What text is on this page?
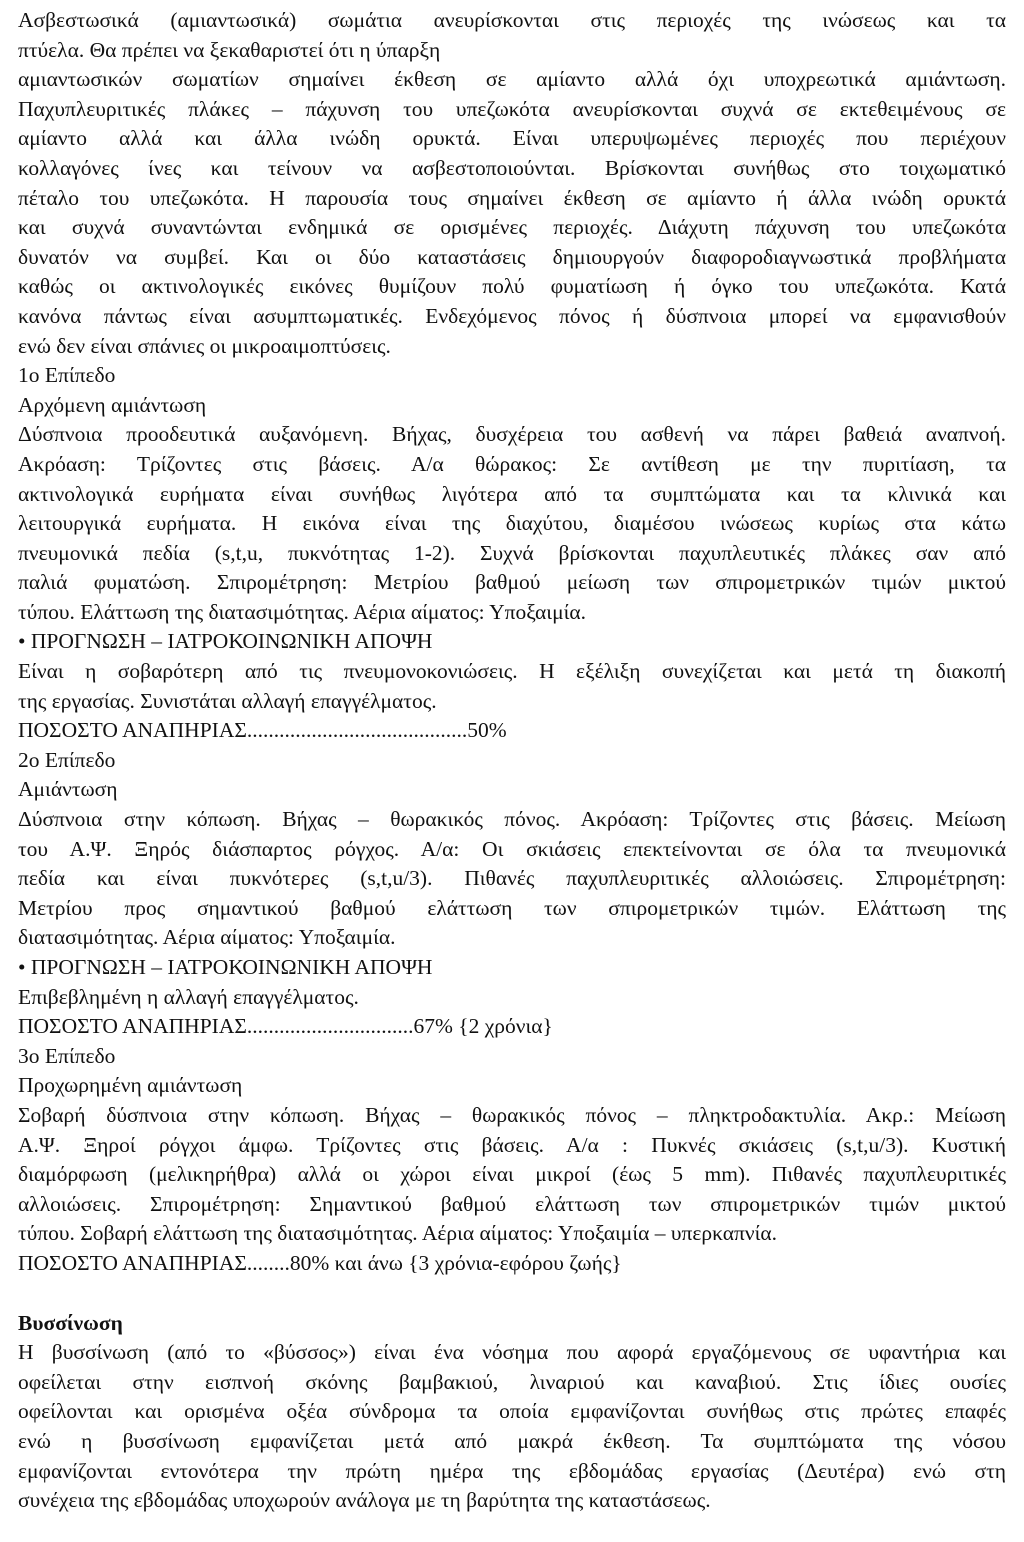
Ασβεστωσικά (αμιαντωσικά) σωμάτια ανευρίσκονται στις περιοχές της ινώσεως και τα
πτύελα. Θα πρέπει να ξεκαθαριστεί ότι η ύπαρξη
αμιαντωσικών σωματίων σημαίνει έκθεση σε αμίαντο αλλά όχι υποχρεωτικά αμιάντωση.
Παχυπλευριτικές πλάκες – πάχυνση του υπεζωκότα ανευρίσκονται συχνά σε εκτεθειμένους σε
αμίαντο αλλά και άλλα ινώδη ορυκτά. Είναι υπερυψωμένες περιοχές που περιέχουν
κολλαγόνες ίνες και τείνουν να ασβεστοποιούνται. Βρίσκονται συνήθως στο τοιχωματικό
πέταλο του υπεζωκότα. Η παρουσία τους σημαίνει έκθεση σε αμίαντο ή άλλα ινώδη ορυκτά
και συχνά συναντώνται ενδημικά σε ορισμένες περιοχές. Διάχυτη πάχυνση του υπεζωκότα
δυνατόν να συμβεί. Και οι δύο καταστάσεις δημιουργούν διαφοροδιαγνωστικά προβλήματα
καθώς οι ακτινολογικές εικόνες θυμίζουν πολύ φυματίωση ή όγκο του υπεζωκότα. Κατά
κανόνα πάντως είναι ασυμπτωματικές. Ενδεχόμενος πόνος ή δύσπνοια μπορεί να εμφανισθούν
ενώ δεν είναι σπάνιες οι μικροαιμοπτύσεις.
1ο Επίπεδο
Αρχόμενη αμιάντωση
Δύσπνοια προοδευτικά αυξανόμενη. Βήχας, δυσχέρεια του ασθενή να πάρει βαθειά αναπνοή.
Ακρόαση: Τρίζοντες στις βάσεις. Α/α θώρακος: Σε αντίθεση με την πυριτίαση, τα
ακτινολογικά ευρήματα είναι συνήθως λιγότερα από τα συμπτώματα και τα κλινικά και
λειτουργικά ευρήματα. Η εικόνα είναι της διαχύτου, διαμέσου ινώσεως κυρίως στα κάτω
πνευμονικά πεδία (s,t,u, πυκνότητας 1-2). Συχνά βρίσκονται παχυπλευτικές πλάκες σαν από
παλιά φυματώση. Σπιρομέτρηση: Μετρίου βαθμού μείωση των σπιρομετρικών τιμών μικτού
τύπου. Ελάττωση της διατασιμότητας. Αέρια αίματος: Υποξαιμία.
• ΠΡΟΓΝΩΣΗ – ΙΑΤΡΟΚΟΙΝΩΝΙΚΗ ΑΠΟΨΗ
Είναι η σοβαρότερη από τις πνευμονοκονιώσεις. Η εξέλιξη συνεχίζεται και μετά τη διακοπή
της εργασίας. Συνιστάται αλλαγή επαγγέλματος.
ΠΟΣΟΣΤΟ ΑΝΑΠΗΡΙΑΣ.........................................50%
2ο Επίπεδο
Αμιάντωση
Δύσπνοια στην κόπωση. Βήχας – θωρακικός πόνος. Ακρόαση: Τρίζοντες στις βάσεις. Μείωση
του Α.Ψ. Ξηρός διάσπαρτος ρόγχος. Α/α: Οι σκιάσεις επεκτείνονται σε όλα τα πνευμονικά
πεδία και είναι πυκνότερες (s,t,u/3). Πιθανές παχυπλευριτικές αλλοιώσεις. Σπιρομέτρηση:
Μετρίου προς σημαντικού βαθμού ελάττωση των σπιρομετρικών τιμών. Ελάττωση της
διατασιμότητας. Αέρια αίματος: Υποξαιμία.
• ΠΡΟΓΝΩΣΗ – ΙΑΤΡΟΚΟΙΝΩΝΙΚΗ ΑΠΟΨΗ
Επιβεβλημένη η αλλαγή επαγγέλματος.
ΠΟΣΟΣΤΟ ΑΝΑΠΗΡΙΑΣ...............................67% {2 χρόνια}
3ο Επίπεδο
Προχωρημένη αμιάντωση
Σοβαρή δύσπνοια στην κόπωση. Βήχας – θωρακικός πόνος – πληκτροδακτυλία. Ακρ.: Μείωση
Α.Ψ. Ξηροί ρόγχοι άμφω. Τρίζοντες στις βάσεις. Α/α : Πυκνές σκιάσεις (s,t,u/3). Κυστική
διαμόρφωση (μελικηρήθρα) αλλά οι χώροι είναι μικροί (έως 5 mm). Πιθανές παχυπλευριτικές
αλλοιώσεις. Σπιρομέτρηση: Σημαντικού βαθμού ελάττωση των σπιρομετρικών τιμών μικτού
τύπου. Σοβαρή ελάττωση της διατασιμότητας. Αέρια αίματος: Υποξαιμία – υπερκαπνία.
ΠΟΣΟΣΤΟ ΑΝΑΠΗΡΙΑΣ........80% και άνω {3 χρόνια-εφόρου ζωής}
Βυσσίνωση
Η βυσσίνωση (από το «βύσσος») είναι ένα νόσημα που αφορά εργαζόμενους σε υφαντήρια και
οφείλεται στην εισπνοή σκόνης βαμβακιού, λιναριού και καναβιού. Στις ίδιες ουσίες
οφείλονται και ορισμένα οξέα σύνδρομα τα οποία εμφανίζονται συνήθως στις πρώτες επαφές
ενώ η βυσσίνωση εμφανίζεται μετά από μακρά έκθεση. Τα συμπτώματα της νόσου
εμφανίζονται εντονότερα την πρώτη ημέρα της εβδομάδας εργασίας (Δευτέρα) ενώ στη
συνέχεια της εβδομάδας υποχωρούν ανάλογα με τη βαρύτητα της καταστάσεως.
